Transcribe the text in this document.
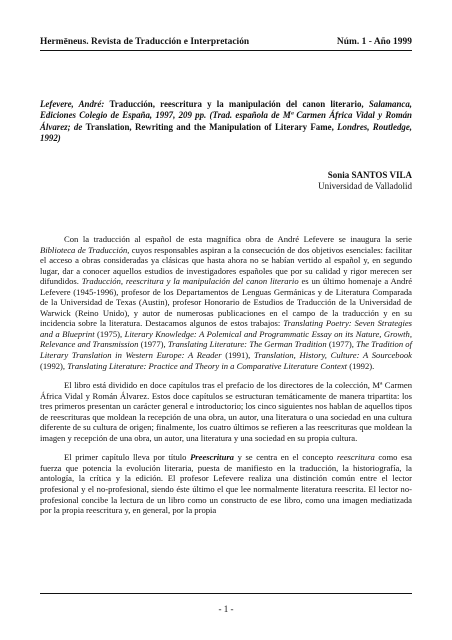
Hermēneus. Revista de Traducción e Interpretación	Núm. 1 - Año 1999
Lefevere, André: Traducción, reescritura y la manipulación del canon literario, Salamanca, Ediciones Colegio de España, 1997, 209 pp. (Trad. española de Mª Carmen África Vidal y Román Álvarez; de Translation, Rewriting and the Manipulation of Literary Fame, Londres, Routledge, 1992)
Sonia SANTOS VILA
Universidad de Valladolid

Con la traducción al español de esta magnífica obra de André Lefevere se inaugura la serie Biblioteca de Traducción, cuyos responsables aspiran a la consecución de dos objetivos esenciales: facilitar el acceso a obras consideradas ya clásicas que hasta ahora no se habían vertido al español y, en segundo lugar, dar a conocer aquellos estudios de investigadores españoles que por su calidad y rigor merecen ser difundidos. Traducción, reescritura y la manipulación del canon literario es un último homenaje a André Lefevere (1945-1996), profesor de los Departamentos de Lenguas Germánicas y de Literatura Comparada de la Universidad de Texas (Austin), profesor Honorario de Estudios de Traducción de la Universidad de Warwick (Reino Unido), y autor de numerosas publicaciones en el campo de la traducción y en su incidencia sobre la literatura. Destacamos algunos de estos trabajos: Translating Poetry: Seven Strategies and a Blueprint (1975), Literary Knowledge: A Polemical and Programmatic Essay on its Nature, Growth, Relevance and Transmission (1977), Translating Literature: The German Tradition (1977), The Tradition of Literary Translation in Western Europe: A Reader (1991), Translation, History, Culture: A Sourcebook (1992), Translating Literature: Practice and Theory in a Comparative Literature Context (1992).

El libro está dividido en doce capítulos tras el prefacio de los directores de la colección, Mª Carmen África Vidal y Román Álvarez. Estos doce capítulos se estructuran temáticamente de manera tripartita: los tres primeros presentan un carácter general e introductorio; los cinco siguientes nos hablan de aquellos tipos de reescrituras que moldean la recepción de una obra, un autor, una literatura o una sociedad en una cultura diferente de su cultura de origen; finalmente, los cuatro últimos se refieren a las reescrituras que moldean la imagen y recepción de una obra, un autor, una literatura y una sociedad en su propia cultura.

El primer capítulo lleva por título Preescritura y se centra en el concepto reescritura como esa fuerza que potencia la evolución literaria, puesta de manifiesto en la traducción, la historiografía, la antología, la crítica y la edición. El profesor Lefevere realiza una distinción común entre el lector profesional y el no-profesional, siendo éste último el que lee normalmente literatura reescrita. El lector no-profesional concibe la lectura de un libro como un constructo de ese libro, como una imagen mediatizada por la propia reescritura y, en general, por la propia

- 1 -
